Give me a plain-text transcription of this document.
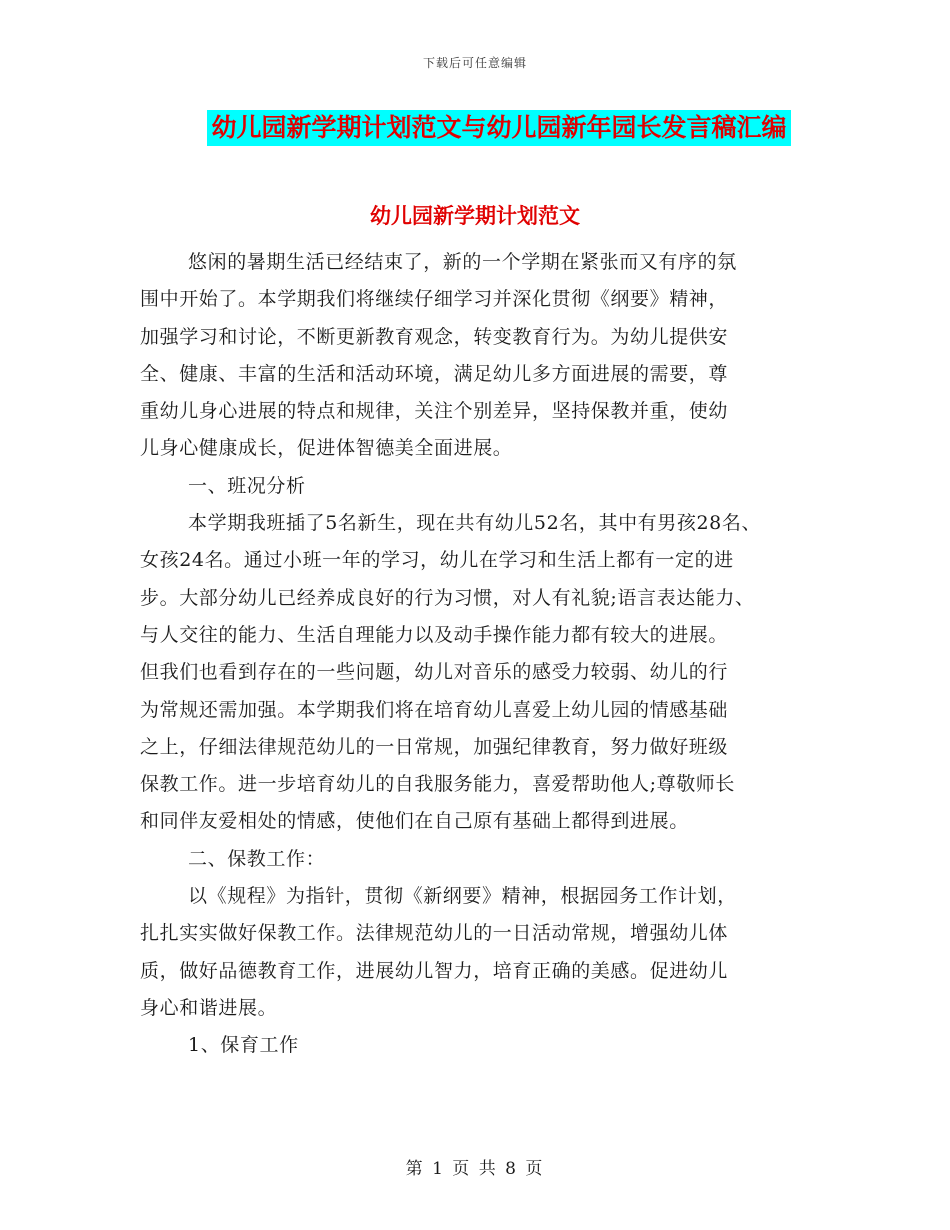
下载后可任意编辑
幼儿园新学期计划范文与幼儿园新年园长发言稿汇编
幼儿园新学期计划范文
悠闲的暑期生活已经结束了，新的一个学期在紧张而又有序的氛
围中开始了。本学期我们将继续仔细学习并深化贯彻《纲要》精神，
加强学习和讨论，不断更新教育观念，转变教育行为。为幼儿提供安
全、健康、丰富的生活和活动环境，满足幼儿多方面进展的需要，尊
重幼儿身心进展的特点和规律，关注个别差异，坚持保教并重，使幼
儿身心健康成长，促进体智德美全面进展。
一、班况分析
本学期我班插了5名新生，现在共有幼儿52名，其中有男孩28名、
女孩24名。通过小班一年的学习，幼儿在学习和生活上都有一定的进
步。大部分幼儿已经养成良好的行为习惯，对人有礼貌;语言表达能力、
与人交往的能力、生活自理能力以及动手操作能力都有较大的进展。
但我们也看到存在的一些问题，幼儿对音乐的感受力较弱、幼儿的行
为常规还需加强。本学期我们将在培育幼儿喜爱上幼儿园的情感基础
之上，仔细法律规范幼儿的一日常规，加强纪律教育，努力做好班级
保教工作。进一步培育幼儿的自我服务能力，喜爱帮助他人;尊敬师长
和同伴友爱相处的情感，使他们在自己原有基础上都得到进展。
二、保教工作：
以《规程》为指针，贯彻《新纲要》精神，根据园务工作计划，
扎扎实实做好保教工作。法律规范幼儿的一日活动常规，增强幼儿体
质，做好品德教育工作，进展幼儿智力，培育正确的美感。促进幼儿
身心和谐进展。
1、保育工作
第 1 页 共 8 页
